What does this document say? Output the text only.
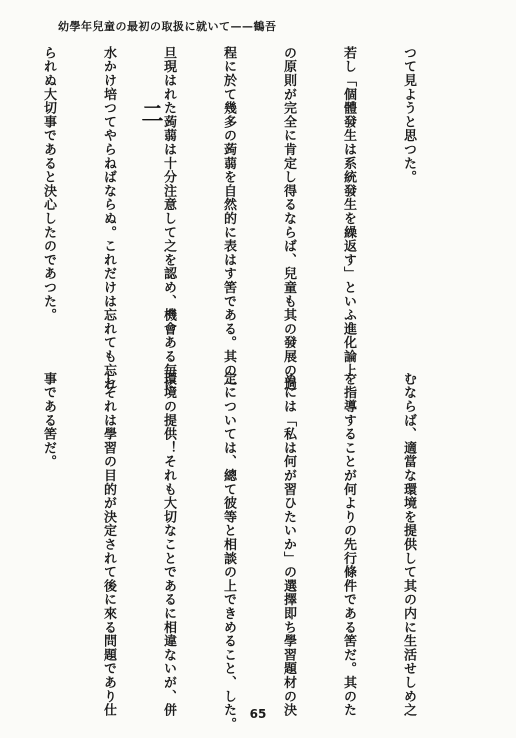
幼學年兒童の最初の取扱に就いて——鶴吾

つて見ようと思つた。

若し「個體發生は系統發生を繰返す」といふ進化論上

の原則が完全に肯定し得るならば、兒童も其の發展の過

程に於て幾多の蒟蒻を自然的に表はす筈である。其の一

旦現はれた蒟蒻は十分注意して之を認め、機會ある毎に

水かけ培つてやらねばならぬ。これだけは忘れても忘れ

られぬ大切事であると決心したのであつた。

	二

むならば、適當な環境を提供して其の内に生活せしめ之

を指導することが何よりの先行條件である筈だ。其のた

めには「私は何が習ひたいか」の選擇即ち學習題材の決

定については、總て彼等と相談の上できめること、した。

環境の提供！それも大切なことであるに相違ないが、併

しそれは學習の目的が決定されて後に來る問題であり仕

事である筈だ。

65
